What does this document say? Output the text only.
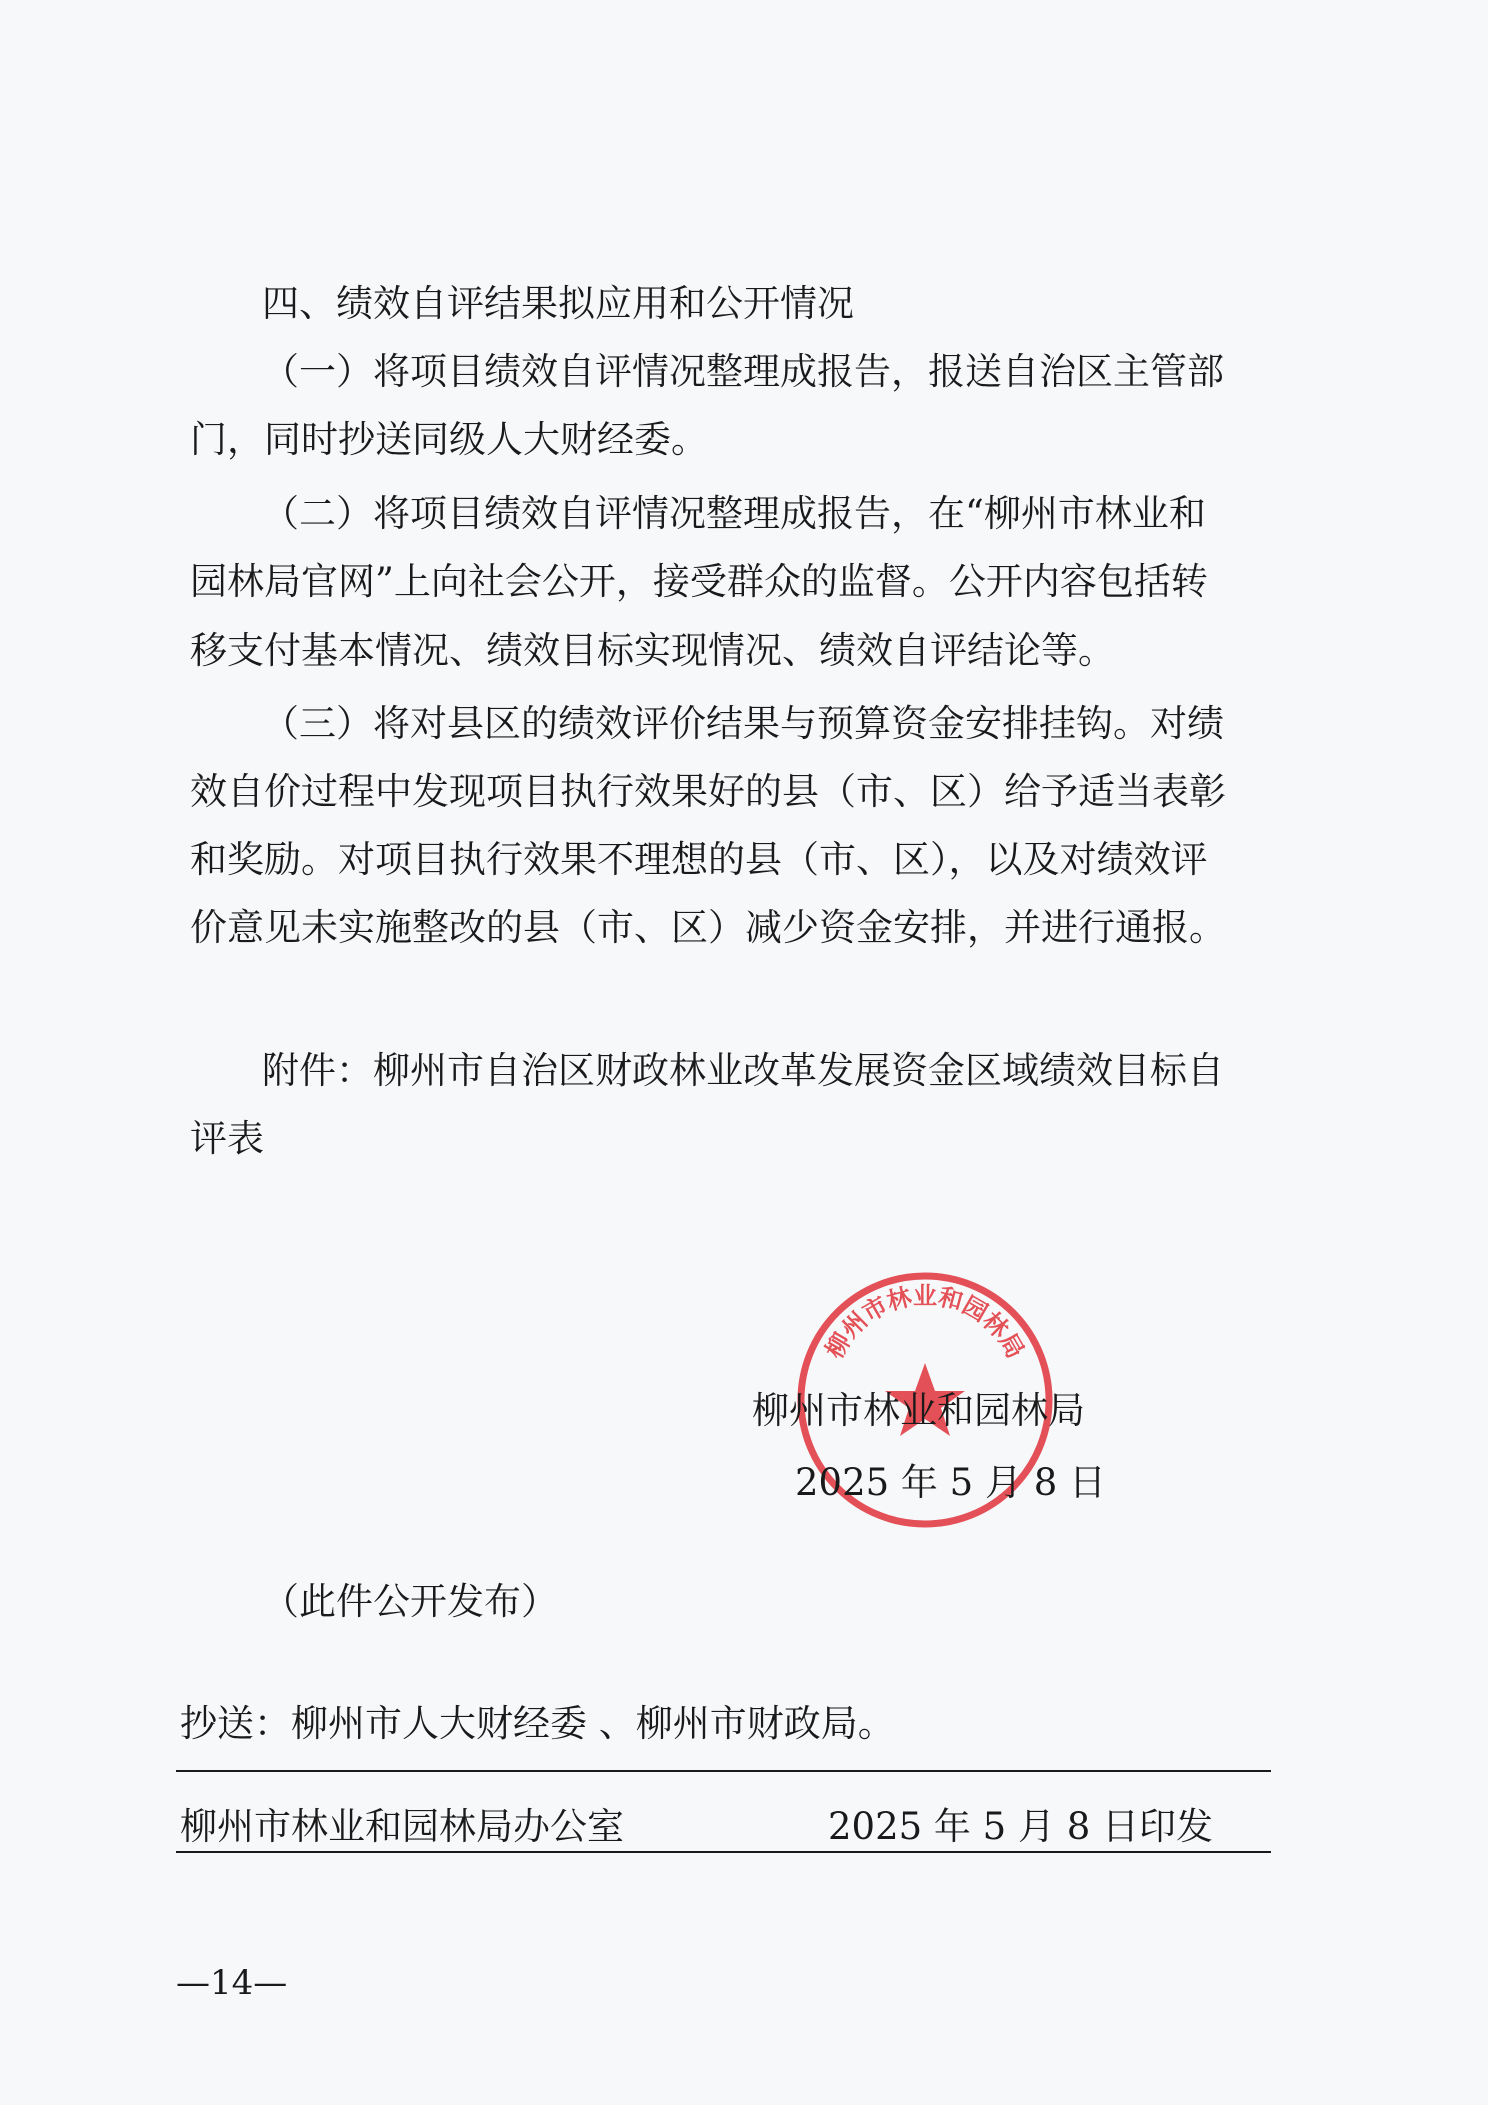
四、绩效自评结果拟应用和公开情况
（一）将项目绩效自评情况整理成报告，报送自治区主管部
门，同时抄送同级人大财经委。
（二）将项目绩效自评情况整理成报告，在“柳州市林业和
园林局官网”上向社会公开，接受群众的监督。公开内容包括转
移支付基本情况、绩效目标实现情况、绩效自评结论等。
（三）将对县区的绩效评价结果与预算资金安排挂钩。对绩
效自价过程中发现项目执行效果好的县（市、区）给予适当表彰
和奖励。对项目执行效果不理想的县（市、区），以及对绩效评
价意见未实施整改的县（市、区）减少资金安排，并进行通报。
附件：柳州市自治区财政林业改革发展资金区域绩效目标自
评表
柳州市林业和园林局
柳州市林业和园林局
2025 年 5 月 8 日
（此件公开发布）
抄送：柳州市人大财经委 、柳州市财政局。
柳州市林业和园林局办公室	2025 年 5 月 8 日印发
—14—
